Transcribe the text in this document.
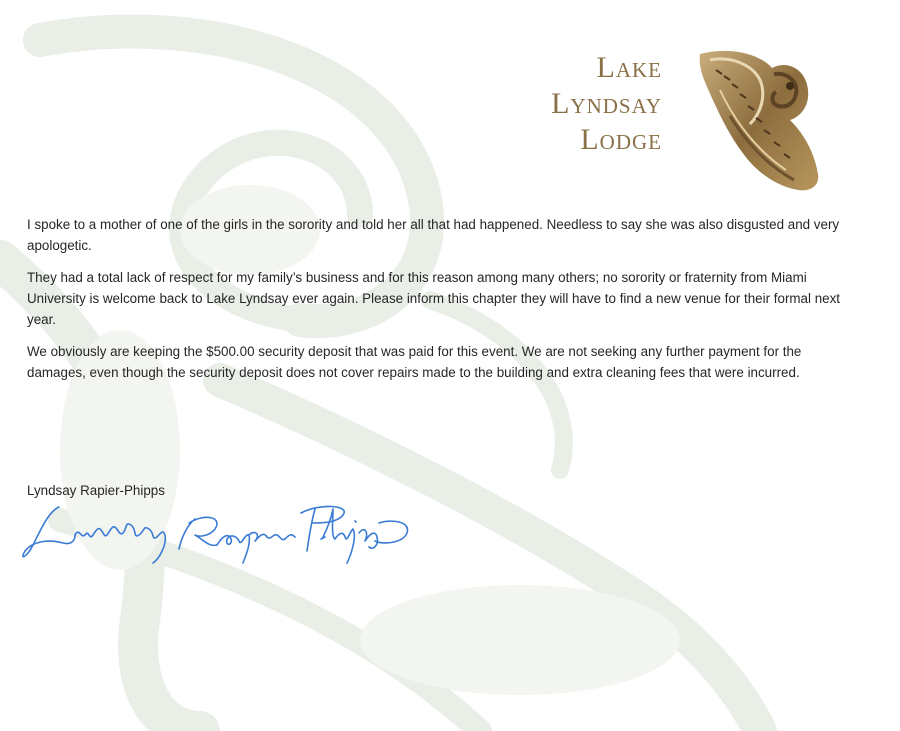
Lake
Lyndsay
Lodge

I spoke to a mother of one of the girls in the sorority and told her all that had happened. Needless to say she was also disgusted and very apologetic.

They had a total lack of respect for my family’s business and for this reason among many others; no sorority or fraternity from Miami University is welcome back to Lake Lyndsay ever again. Please inform this chapter they will have to find a new venue for their formal next year.

We obviously are keeping the $500.00 security deposit that was paid for this event. We are not seeking any further payment for the damages, even though the security deposit does not cover repairs made to the building and extra cleaning fees that were incurred.

Lyndsay Rapier-Phipps
